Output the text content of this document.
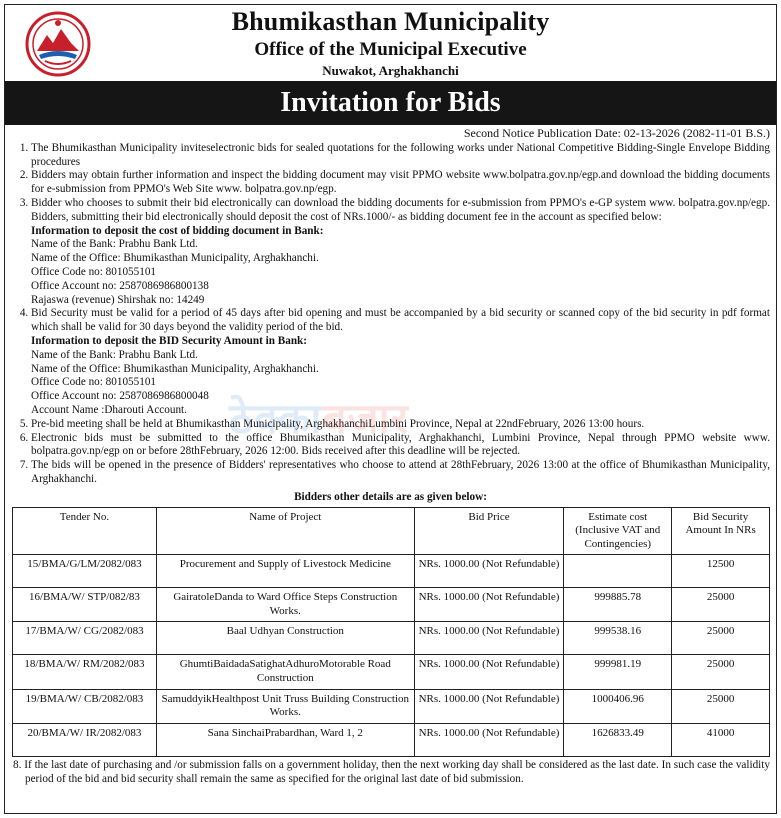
Bhumikasthan Municipality
Office of the Municipal Executive
Nuwakot, Arghakhanchi
Invitation for Bids
Second Notice Publication Date: 02-13-2026 (2082-11-01 B.S.)
1. The Bhumikasthan Municipality inviteselectronic bids for sealed quotations for the following works under National Competitive Bidding-Single Envelope Bidding procedures
2. Bidders may obtain further information and inspect the bidding document may visit PPMO website www.bolpatra.gov.np/egp.and download the bidding documents for e-submission from PPMO's Web Site www. bolpatra.gov.np/egp.
3. Bidder who chooses to submit their bid electronically can download the bidding documents for e-submission from PPMO's e-GP system www. bolpatra.gov.np/egp. Bidders, submitting their bid electronically should deposit the cost of NRs.1000/- as bidding document fee in the account as specified below:
Information to deposit the cost of bidding document in Bank:
Name of the Bank: Prabhu Bank Ltd.
Name of the Office: Bhumikasthan Municipality, Arghakhanchi.
Office Code no: 801055101
Office Account no: 2587086986800138
Rajaswa (revenue) Shirshak no: 14249
4. Bid Security must be valid for a period of 45 days after bid opening and must be accompanied by a bid security or scanned copy of the bid security in pdf format which shall be valid for 30 days beyond the validity period of the bid.
Information to deposit the BID Security Amount in Bank:
Name of the Bank: Prabhu Bank Ltd.
Name of the Office: Bhumikasthan Municipality, Arghakhanchi.
Office Code no: 801055101
Office Account no: 2587086986800048
Account Name :Dharouti Account.
5. Pre-bid meeting shall be held at Bhumikasthan Municipality, ArghakhanchiLumbini Province, Nepal at 22ndFebruary, 2026 13:00 hours.
6. Electronic bids must be submitted to the office Bhumikasthan Municipality, Arghakhanchi, Lumbini Province, Nepal through PPMO website www. bolpatra.gov.np/egp on or before 28thFebruary, 2026 12:00. Bids received after this deadline will be rejected.
7. The bids will be opened in the presence of Bidders' representatives who choose to attend at 28thFebruary, 2026 13:00 at the office of Bhumikasthan Municipality, Arghakhanchi.
Bidders other details are as given below:
Tender No.	Name of Project	Bid Price	Estimate cost (Inclusive VAT and Contingencies)	Bid Security Amount In NRs
15/BMA/G/LM/2082/083	Procurement and Supply of Livestock Medicine	NRs. 1000.00 (Not Refundable)		12500
16/BMA/W/ STP/082/83	GairatoleDanda to Ward Office Steps Construction Works.	NRs. 1000.00 (Not Refundable)	999885.78	25000
17/BMA/W/ CG/2082/083	Baal Udhyan Construction	NRs. 1000.00 (Not Refundable)	999538.16	25000
18/BMA/W/ RM/2082/083	GhumtiBaidadaSatighatAdhuroMotorable Road Construction	NRs. 1000.00 (Not Refundable)	999981.19	25000
19/BMA/W/ CB/2082/083	SamuddyikHealthpost Unit Truss Building Construction Works.	NRs. 1000.00 (Not Refundable)	1000406.96	25000
20/BMA/W/ IR/2082/083	Sana SinchaiPrabardhan, Ward 1, 2	NRs. 1000.00 (Not Refundable)	1626833.49	41000
8. If the last date of purchasing and /or submission falls on a government holiday, then the next working day shall be considered as the last date. In such case the validity period of the bid and bid security shall remain the same as specified for the original last date of bid submission.
ठेक्काबजार
